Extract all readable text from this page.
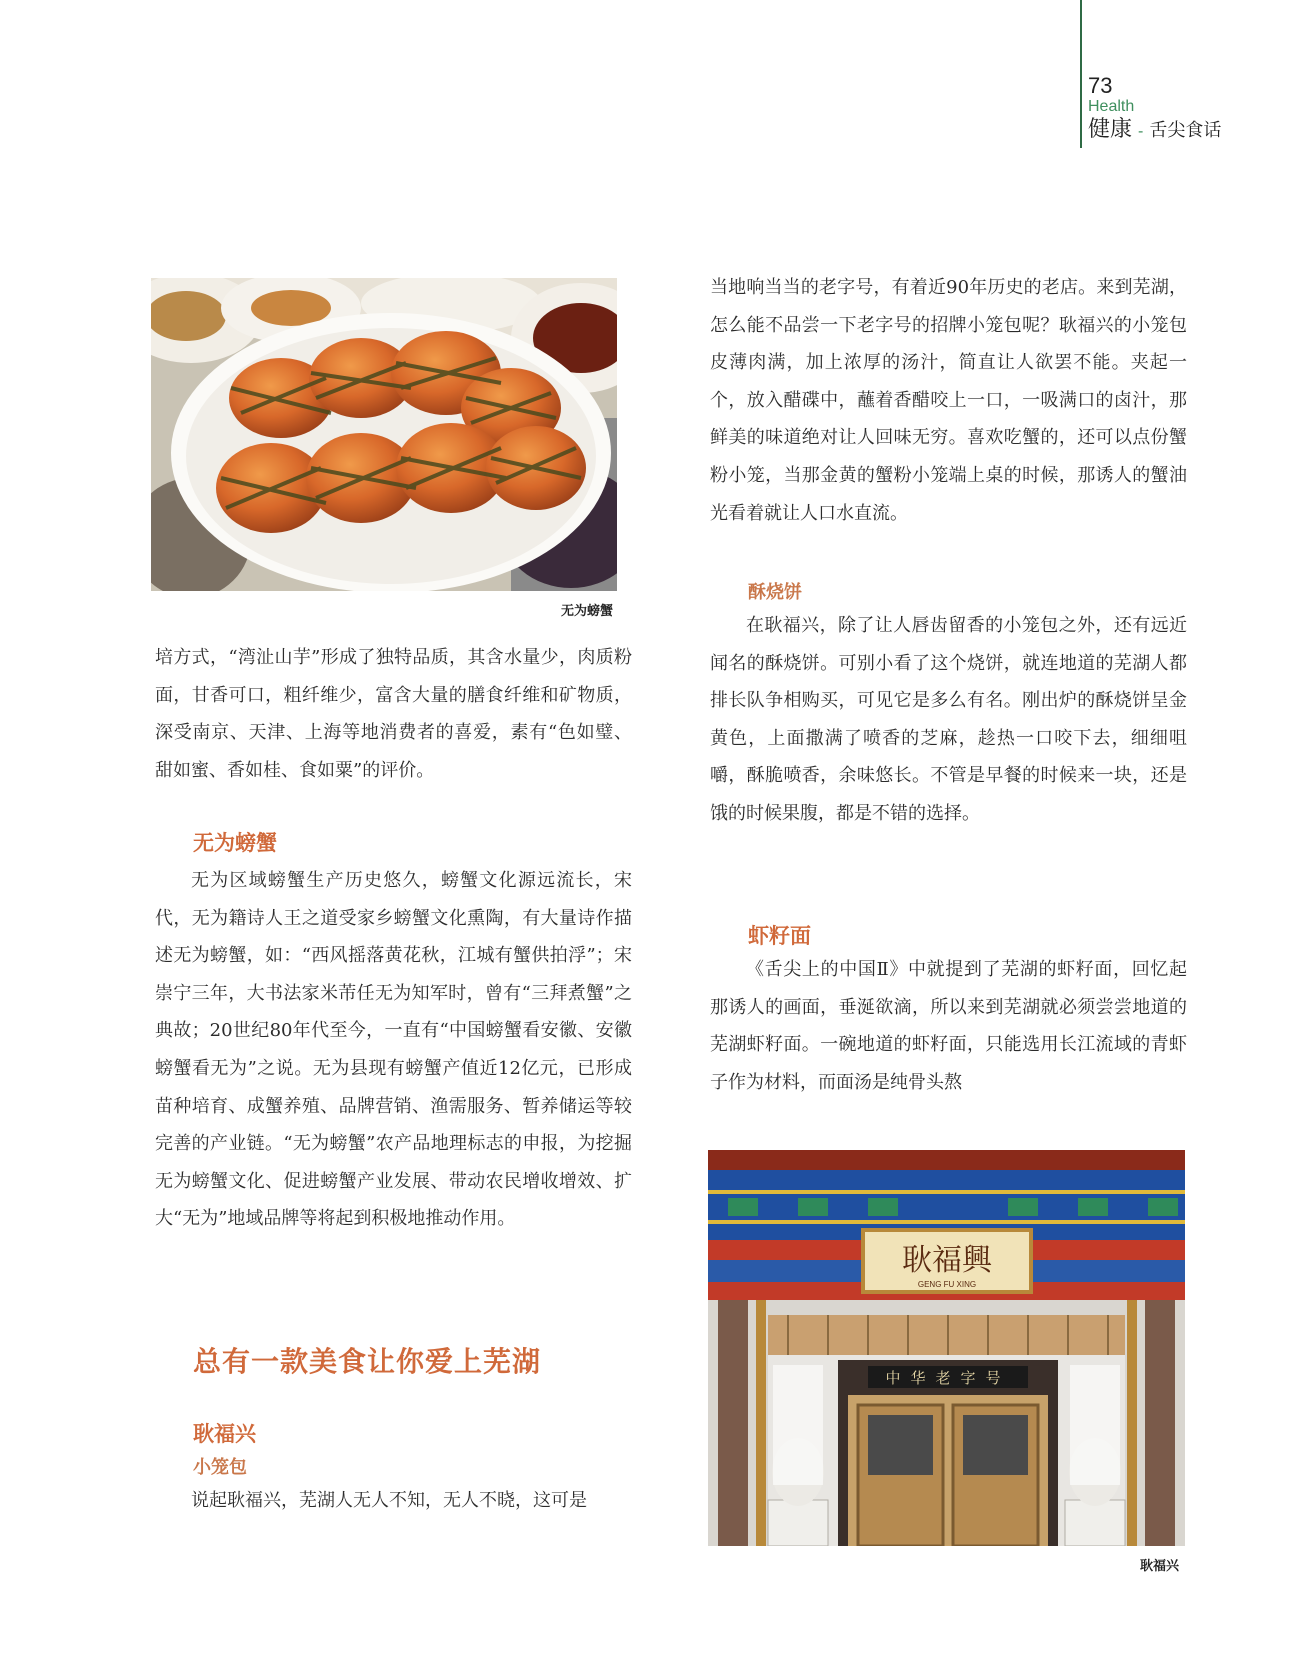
73
Health
健康 - 舌尖食话
无为螃蟹

培方式，“湾沚山芋”形成了独特品质，其含水量少，肉质粉面，甘香可口，粗纤维少，富含大量的膳食纤维和矿物质，深受南京、天津、上海等地消费者的喜爱，素有“色如璧、甜如蜜、香如桂、食如粟”的评价。

无为螃蟹

无为区域螃蟹生产历史悠久，螃蟹文化源远流长，宋代，无为籍诗人王之道受家乡螃蟹文化熏陶，有大量诗作描述无为螃蟹，如：“西风摇落黄花秋，江城有蟹供拍浮”；宋崇宁三年，大书法家米芾任无为知军时，曾有“三拜煮蟹”之典故；20世纪80年代至今，一直有“中国螃蟹看安徽、安徽螃蟹看无为”之说。无为县现有螃蟹产值近12亿元，已形成苗种培育、成蟹养殖、品牌营销、渔需服务、暂养储运等较完善的产业链。“无为螃蟹”农产品地理标志的申报，为挖掘无为螃蟹文化、促进螃蟹产业发展、带动农民增收增效、扩大“无为”地域品牌等将起到积极地推动作用。

总有一款美食让你爱上芜湖
耿福兴
小笼包

说起耿福兴，芜湖人无人不知，无人不晓，这可是

当地响当当的老字号，有着近90年历史的老店。来到芜湖，怎么能不品尝一下老字号的招牌小笼包呢？耿福兴的小笼包皮薄肉满，加上浓厚的汤汁，简直让人欲罢不能。夹起一个，放入醋碟中，蘸着香醋咬上一口，一吸满口的卤汁，那鲜美的味道绝对让人回味无穷。喜欢吃蟹的，还可以点份蟹粉小笼，当那金黄的蟹粉小笼端上桌的时候，那诱人的蟹油光看着就让人口水直流。

酥烧饼

在耿福兴，除了让人唇齿留香的小笼包之外，还有远近闻名的酥烧饼。可别小看了这个烧饼，就连地道的芜湖人都排长队争相购买，可见它是多么有名。刚出炉的酥烧饼呈金黄色，上面撒满了喷香的芝麻，趁热一口咬下去，细细咀嚼，酥脆喷香，余味悠长。不管是早餐的时候来一块，还是饿的时候果腹，都是不错的选择。

虾籽面

《舌尖上的中国Ⅱ》中就提到了芜湖的虾籽面，回忆起那诱人的画面，垂涎欲滴，所以来到芜湖就必须尝尝地道的芜湖虾籽面。一碗地道的虾籽面，只能选用长江流域的青虾子作为材料，而面汤是纯骨头熬

耿福興
GENG FU XING
中华老字号
耿福兴
